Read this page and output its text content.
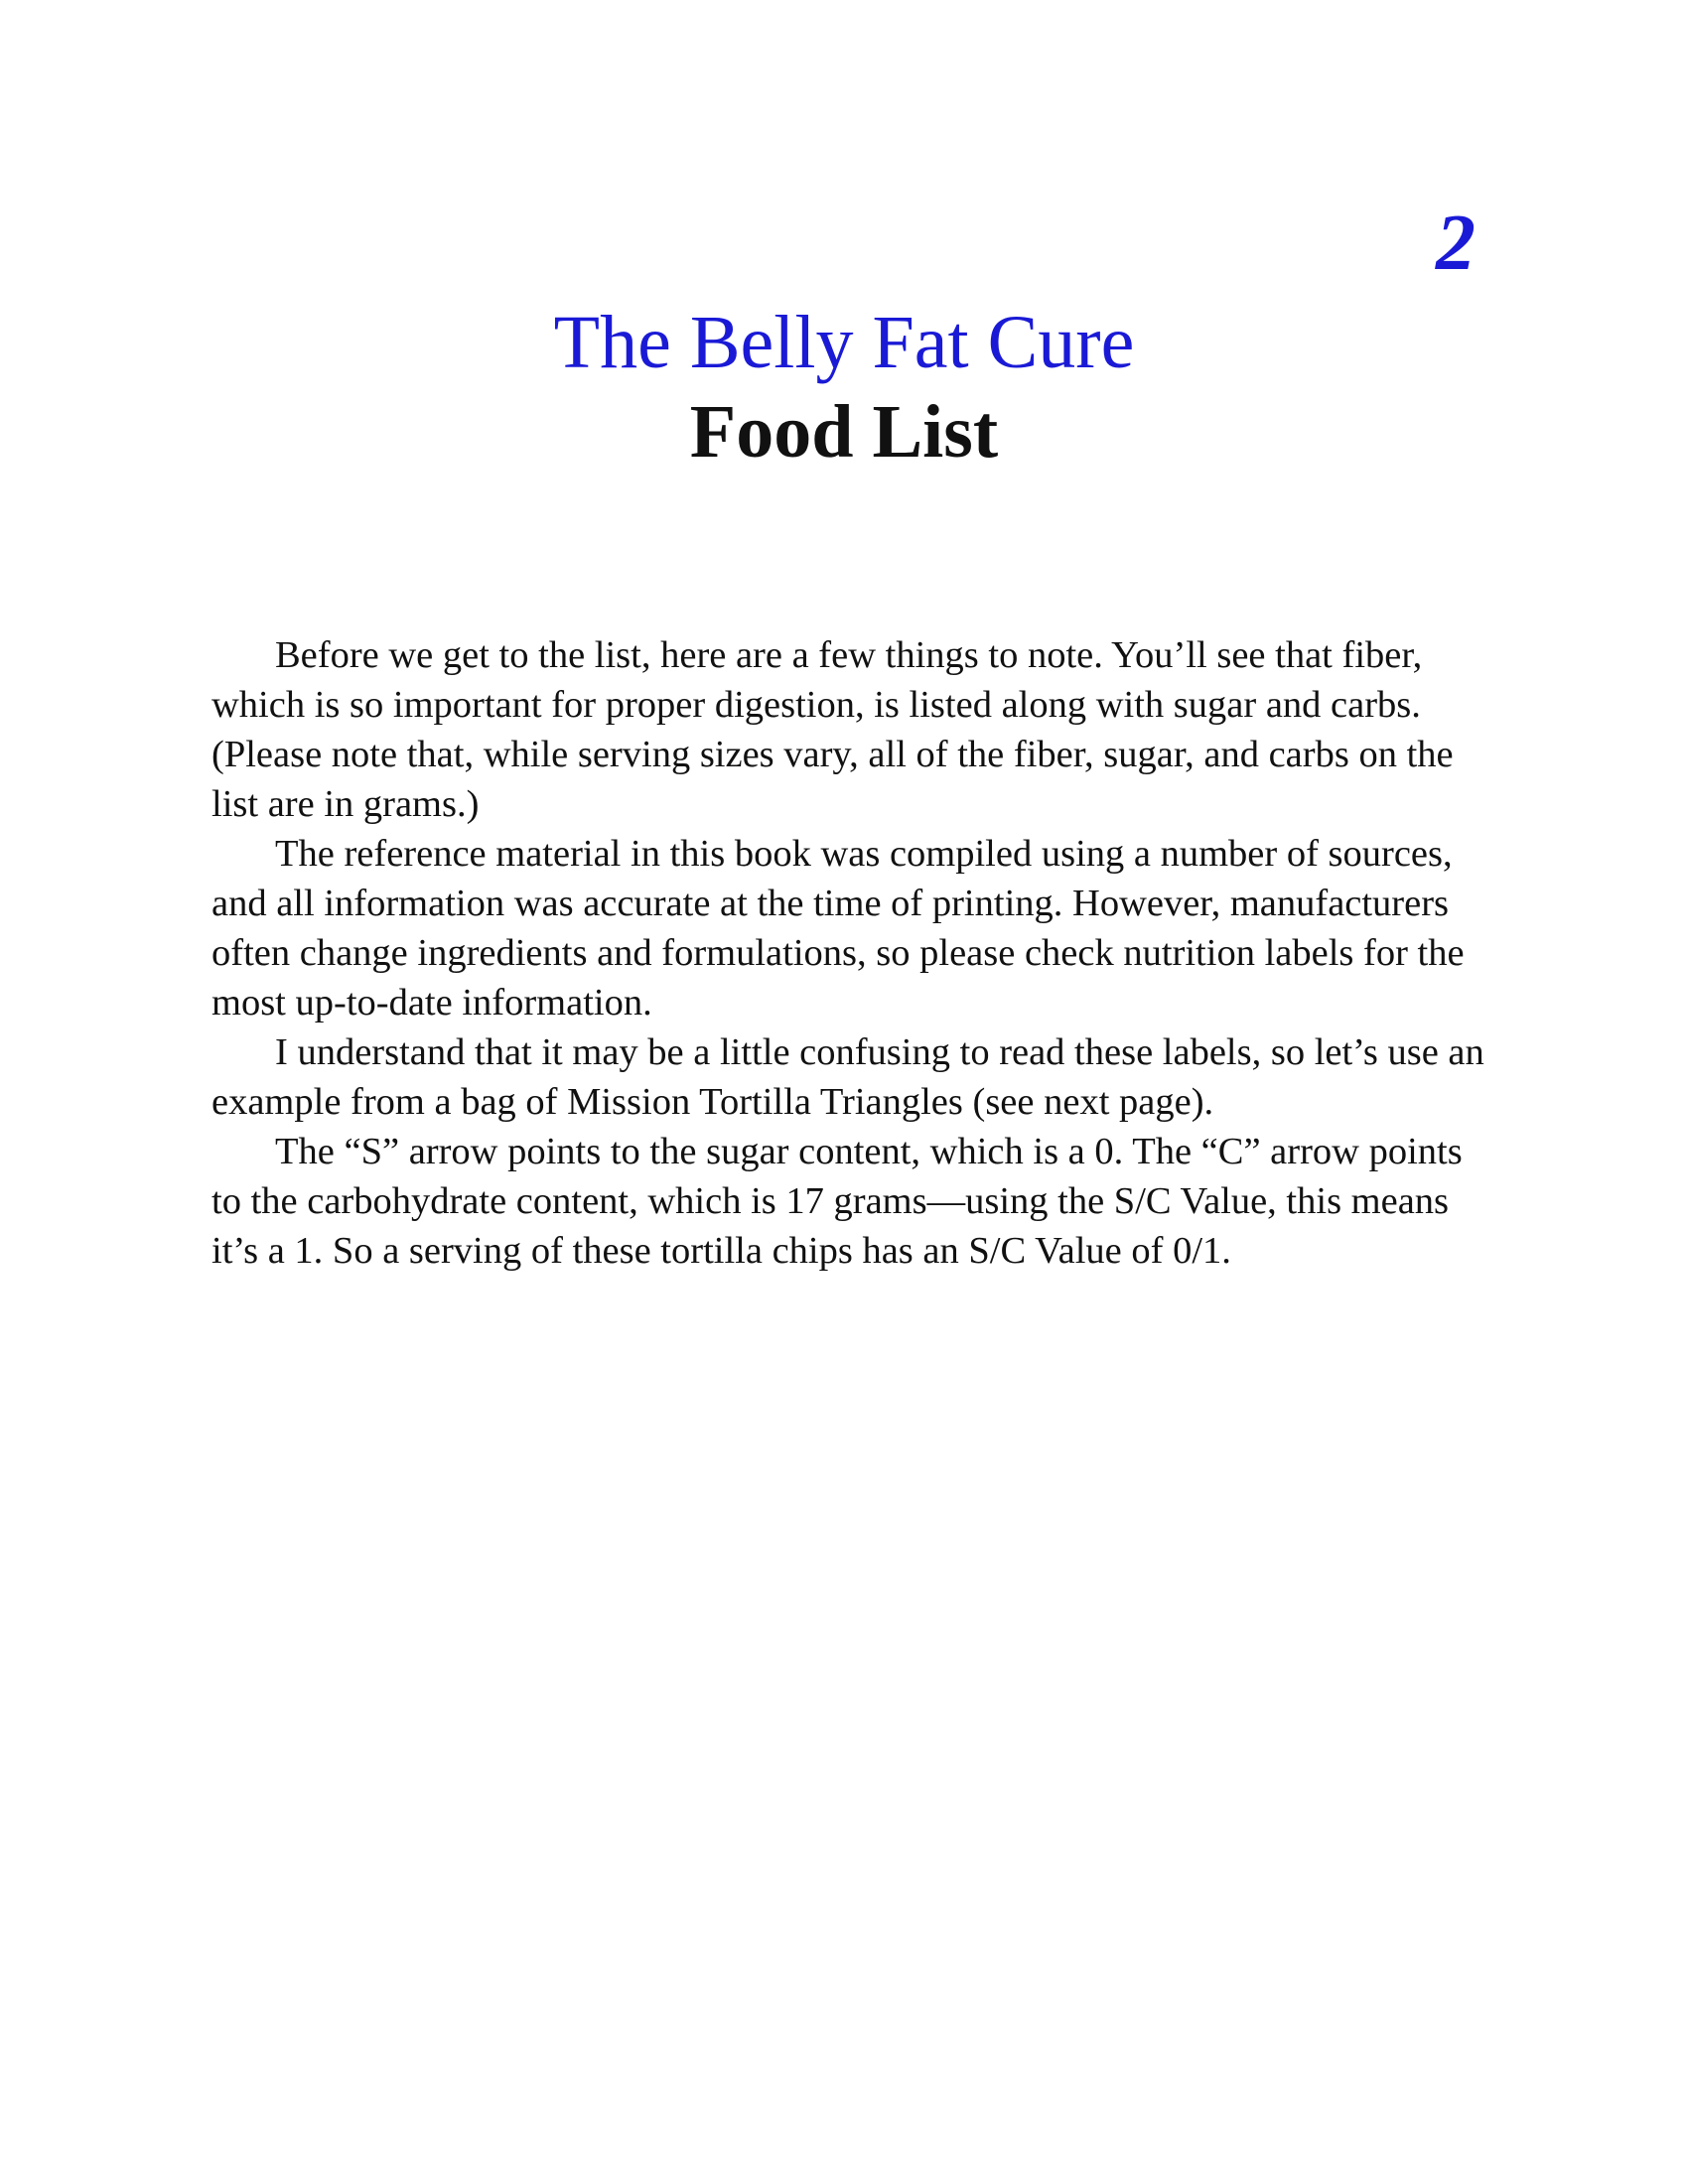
2
The Belly Fat Cure
Food List

Before we get to the list, here are a few things to note. You’ll see that fiber, which is so important for proper digestion, is listed along with sugar and carbs. (Please note that, while serving sizes vary, all of the fiber, sugar, and carbs on the list are in grams.)

The reference material in this book was compiled using a number of sources, and all information was accurate at the time of printing. However, manufacturers often change ingredients and formulations, so please check nutrition labels for the most up-to-date information.

I understand that it may be a little confusing to read these labels, so let’s use an example from a bag of Mission Tortilla Triangles (see next page).

The “S” arrow points to the sugar content, which is a 0. The “C” arrow points to the carbohydrate content, which is 17 grams—using the S/C Value, this means it’s a 1. So a serving of these tortilla chips has an S/C Value of 0/1.
